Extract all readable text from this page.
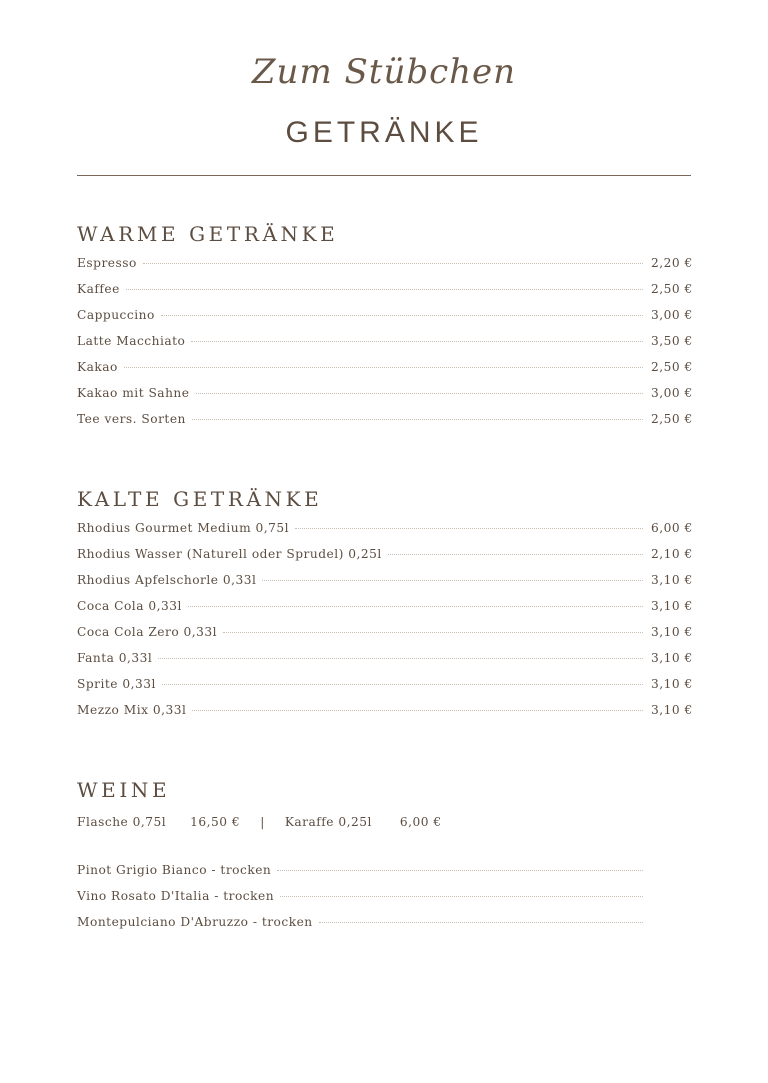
Zum Stübchen
GETRÄNKE
WARME GETRÄNKE
Espresso	2,20 €
Kaffee	2,50 €
Cappuccino	3,00 €
Latte Macchiato	3,50 €
Kakao	2,50 €
Kakao mit Sahne	3,00 €
Tee vers. Sorten	2,50 €
KALTE GETRÄNKE
Rhodius Gourmet Medium 0,75l	6,00 €
Rhodius Wasser (Naturell oder Sprudel) 0,25l	2,10 €
Rhodius Apfelschorle 0,33l	3,10 €
Coca Cola 0,33l	3,10 €
Coca Cola Zero 0,33l	3,10 €
Fanta 0,33l	3,10 €
Sprite 0,33l	3,10 €
Mezzo Mix 0,33l	3,10 €
WEINE
Flasche 0,75l 16,50 € | Karaffe 0,25l 6,00 €
Pinot Grigio Bianco - trocken
Vino Rosato D'Italia - trocken
Montepulciano D'Abruzzo - trocken
